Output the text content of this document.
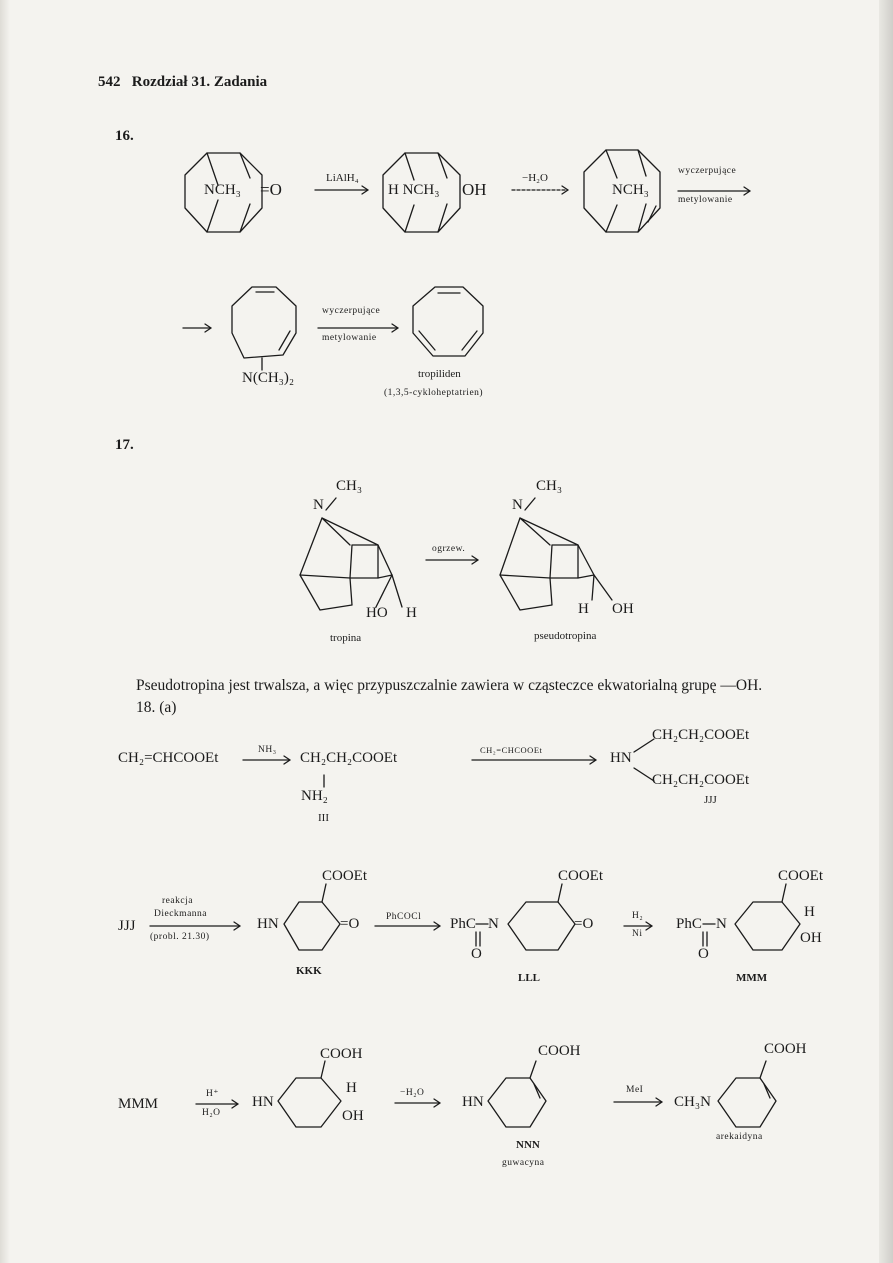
542 Rozdział 31. Zadania
16.
NCH₃ =O
LiAlH₄
H NCH₃ OH
−H₂O
NCH₃
wyczerpujące
metylowanie
N(CH₃)₂
wyczerpujące
metylowanie
tropiliden
(1,3,5-cykloheptatrien)
17.
CH₃
N
HO H
tropina
ogrzew.
CH₃
N
H OH
pseudotropina
Pseudotropina jest trwalsza, a więc przypuszczalnie zawiera w cząsteczce ekwatorialną grupę —OH.
18. (a)
CH₂=CHCOOEt	NH₃ CH₂CH₂COOEt
NH₂
III
CH₂=CHCOOEt	HN
CH₂CH₂COOEt
CH₂CH₂COOEt
JJJ
JJJ
reakcja
Dieckmanna
(probl. 21.30)
COOEt
HN	=O
KKK
PhCOCl
COOEt
PhC N	=O
O
LLL
H₂
Ni
COOEt
PhC N
H
OH
O
MMM
MMM
H⁺
H₂O
COOH
HN
H
OH
−H₂O
COOH
HN
NNN
guwacyna
MeI
COOH
CH₃N
arekaidyna
